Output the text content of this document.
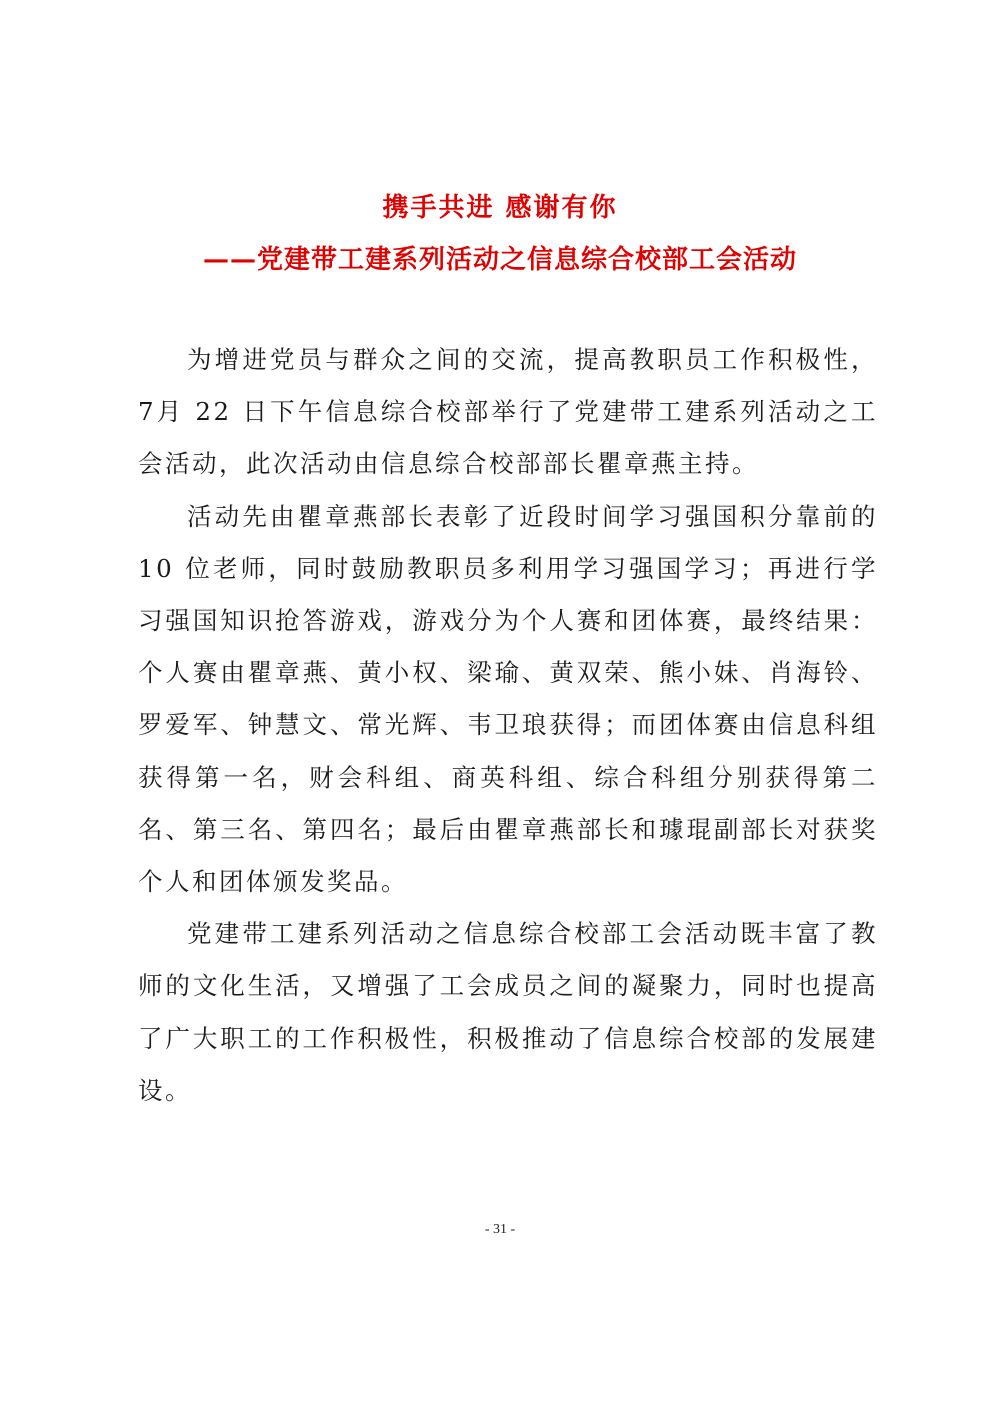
携手共进 感谢有你
——党建带工建系列活动之信息综合校部工会活动

为增进党员与群众之间的交流，提高教职员工作积极性，7月 22 日下午信息综合校部举行了党建带工建系列活动之工会活动，此次活动由信息综合校部部长瞿章燕主持。

活动先由瞿章燕部长表彰了近段时间学习强国积分靠前的10 位老师，同时鼓励教职员多利用学习强国学习；再进行学习强国知识抢答游戏，游戏分为个人赛和团体赛，最终结果：个人赛由瞿章燕、黄小权、梁瑜、黄双荣、熊小妹、肖海铃、罗爱军、钟慧文、常光辉、韦卫琅获得；而团体赛由信息科组获得第一名，财会科组、商英科组、综合科组分别获得第二名、第三名、第四名；最后由瞿章燕部长和璩琨副部长对获奖个人和团体颁发奖品。

党建带工建系列活动之信息综合校部工会活动既丰富了教师的文化生活，又增强了工会成员之间的凝聚力，同时也提高了广大职工的工作积极性，积极推动了信息综合校部的发展建设。

- 31 -
